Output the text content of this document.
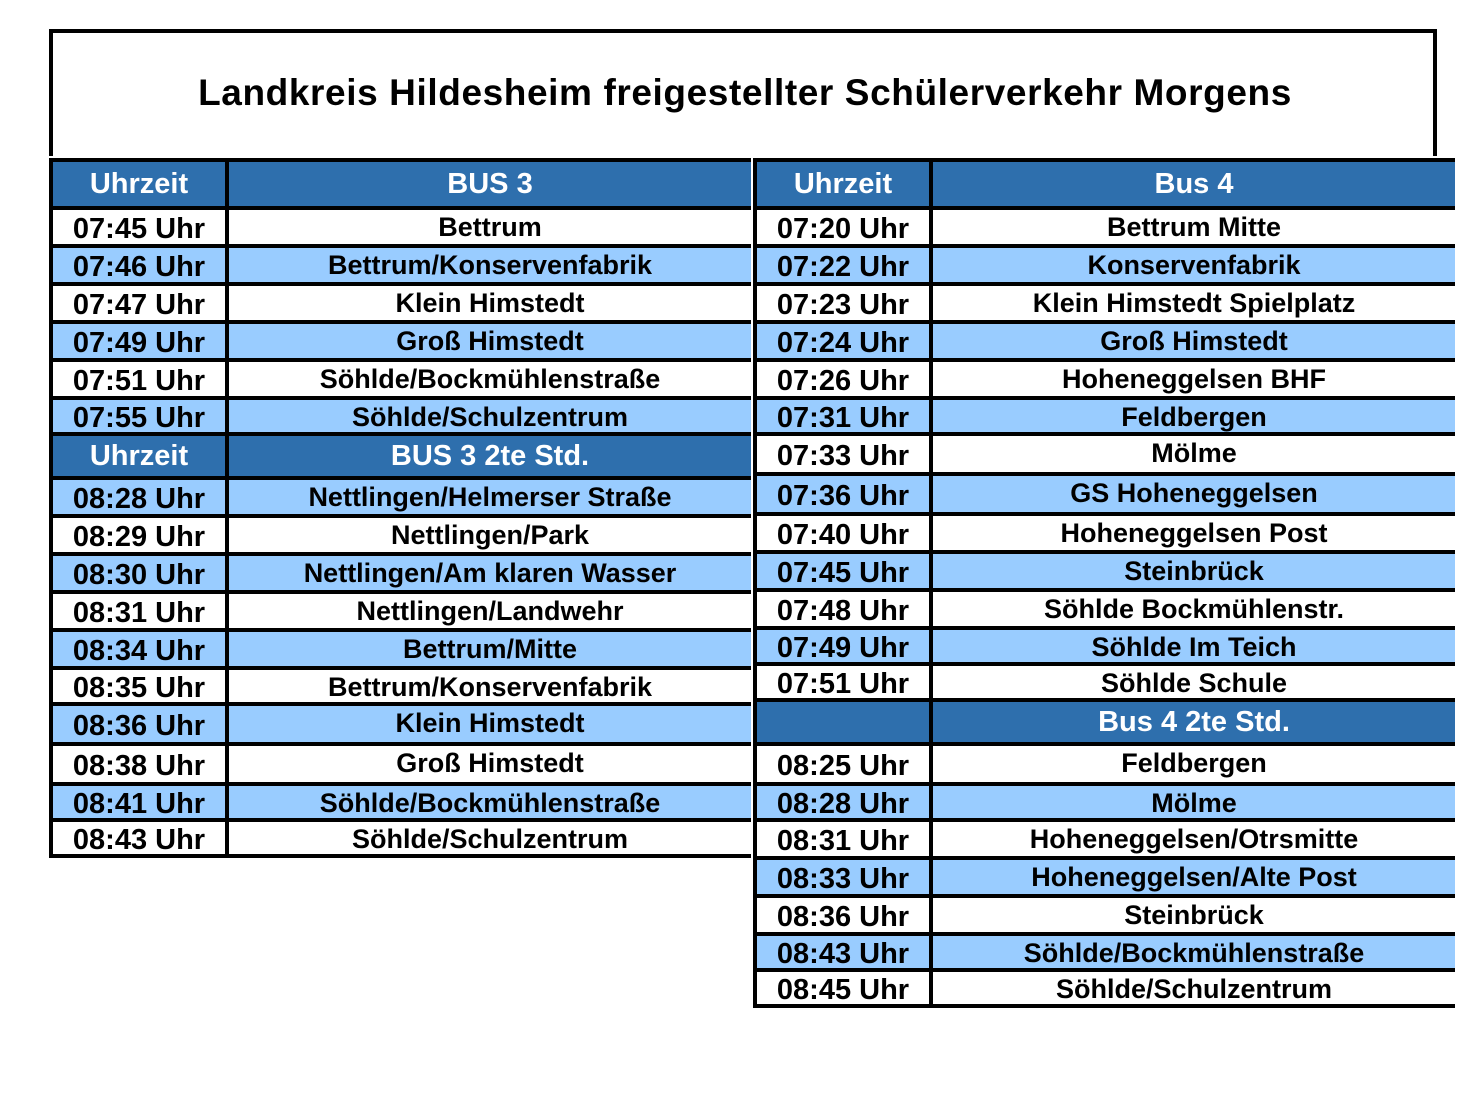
Landkreis Hildesheim freigestellter Schülerverkehr Morgens
Uhrzeit	BUS 3
07:45 Uhr	Bettrum
07:46 Uhr	Bettrum/Konservenfabrik
07:47 Uhr	Klein Himstedt
07:49 Uhr	Groß Himstedt
07:51 Uhr	Söhlde/Bockmühlenstraße
07:55 Uhr	Söhlde/Schulzentrum
Uhrzeit	BUS 3 2te Std.
08:28 Uhr	Nettlingen/Helmerser Straße
08:29 Uhr	Nettlingen/Park
08:30 Uhr	Nettlingen/Am klaren Wasser
08:31 Uhr	Nettlingen/Landwehr
08:34 Uhr	Bettrum/Mitte
08:35 Uhr	Bettrum/Konservenfabrik
08:36 Uhr	Klein Himstedt
08:38 Uhr	Groß Himstedt
08:41 Uhr	Söhlde/Bockmühlenstraße
08:43 Uhr	Söhlde/Schulzentrum
Uhrzeit	Bus 4
07:20 Uhr	Bettrum Mitte
07:22 Uhr	Konservenfabrik
07:23 Uhr	Klein Himstedt Spielplatz
07:24 Uhr	Groß Himstedt
07:26 Uhr	Hoheneggelsen BHF
07:31 Uhr	Feldbergen
07:33 Uhr	Mölme
07:36 Uhr	GS Hoheneggelsen
07:40 Uhr	Hoheneggelsen Post
07:45 Uhr	Steinbrück
07:48 Uhr	Söhlde Bockmühlenstr.
07:49 Uhr	Söhlde Im Teich
07:51 Uhr	Söhlde Schule
Bus 4 2te Std.
08:25 Uhr	Feldbergen
08:28 Uhr	Mölme
08:31 Uhr	Hoheneggelsen/Otrsmitte
08:33 Uhr	Hoheneggelsen/Alte Post
08:36 Uhr	Steinbrück
08:43 Uhr	Söhlde/Bockmühlenstraße
08:45 Uhr	Söhlde/Schulzentrum
